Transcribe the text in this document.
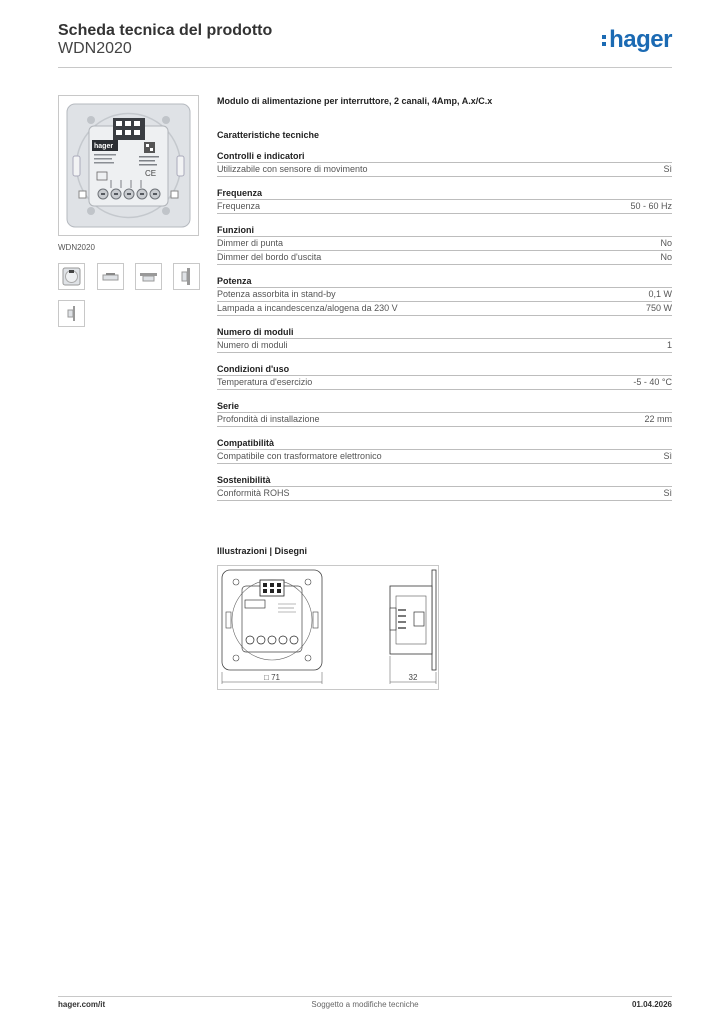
Scheda tecnica del prodotto
WDN2020	hager
hager
CE
WDN2020
Modulo di alimentazione per interruttore, 2 canali, 4Amp, A.x/C.x
Caratteristiche tecniche
Controlli e indicatori
Utilizzabile con sensore di movimento	Sì
Frequenza
Frequenza	50 - 60 Hz
Funzioni
Dimmer di punta	No
Dimmer del bordo d'uscita	No
Potenza
Potenza assorbita in stand-by	0,1 W
Lampada a incandescenza/alogena da 230 V	750 W
Numero di moduli
Numero di moduli	1
Condizioni d'uso
Temperatura d'esercizio	-5 - 40 °C
Serie
Profondità di installazione	22 mm
Compatibilità
Compatibile con trasformatore elettronico	Sì
Sostenibilità
Conformità ROHS	Sì
Illustrazioni | Disegni
□ 71	32
hager.com/it	Soggetto a modifiche tecniche	01.04.2026
